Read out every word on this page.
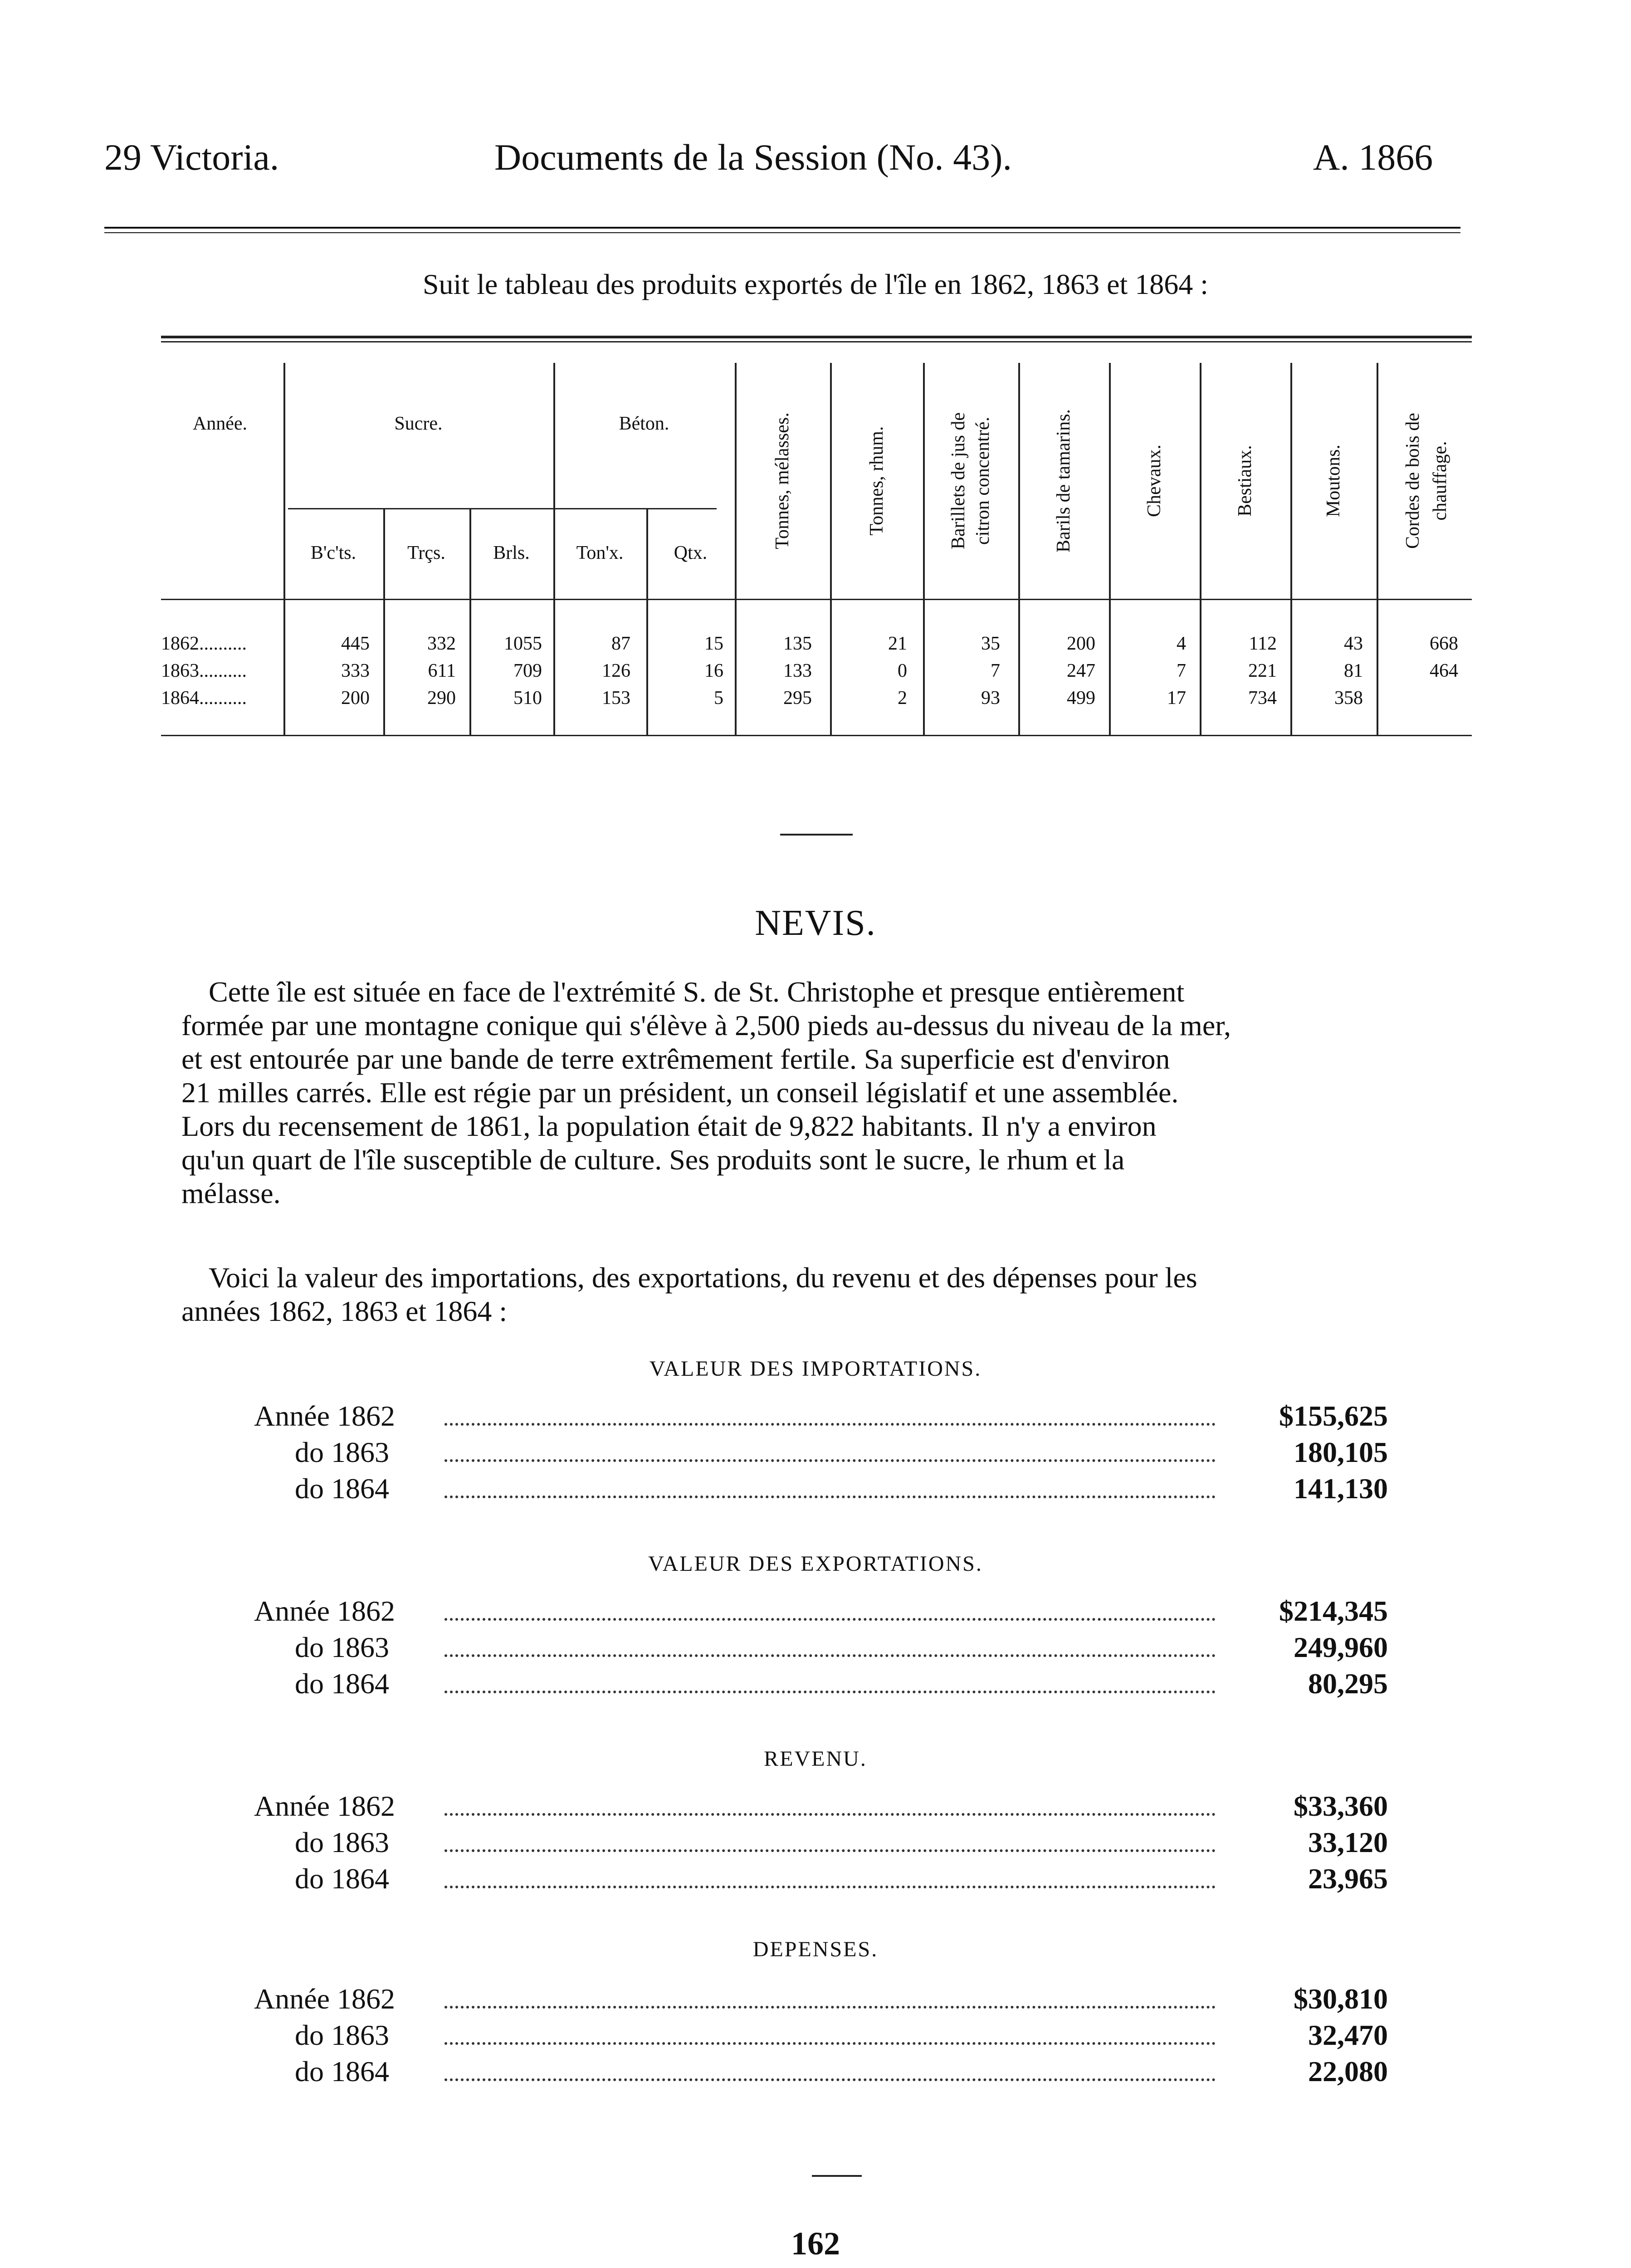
29 Victoria.	Documents de la Session (No. 43).	A. 1866
Suit le tableau des produits exportés de l'île en 1862, 1863 et 1864 :
Année.	Sucre.	Béton.
B'c'ts.	Trçs.	Brls.	Ton'x.	Qtx.
Tonnes, mélasses.	Tonnes, rhum.	Barillets de jus de citron concentré.	Barils de tamarins.	Chevaux.	Bestiaux.	Moutons.	Cordes de bois de chauffage.
1862..........	445	332	1055	87	15	135	21	35	200	4	112	43	668
1863..........	333	611	709	126	16	133	0	7	247	7	221	81	464
1864..........	200	290	510	153	5	295	2	93	499	17	734	358
NEVIS.
Cette île est située en face de l'extrémité S. de St. Christophe et presque entièrement
formée par une montagne conique qui s'élève à 2,500 pieds au-dessus du niveau de la mer,
et est entourée par une bande de terre extrêmement fertile. Sa superficie est d'environ
21 milles carrés. Elle est régie par un président, un conseil législatif et une assemblée.
Lors du recensement de 1861, la population était de 9,822 habitants. Il n'y a environ
qu'un quart de l'île susceptible de culture. Ses produits sont le sucre, le rhum et la
mélasse.
Voici la valeur des importations, des exportations, du revenu et des dépenses pour les
années 1862, 1863 et 1864 :
VALEUR DES IMPORTATIONS.
Année 1862	$155,625
do 1863	180,105
do 1864	141,130
VALEUR DES EXPORTATIONS.
Année 1862	$214,345
do 1863	249,960
do 1864	80,295
REVENU.
Année 1862	$33,360
do 1863	33,120
do 1864	23,965
DEPENSES.
Année 1862	$30,810
do 1863	32,470
do 1864	22,080
162
